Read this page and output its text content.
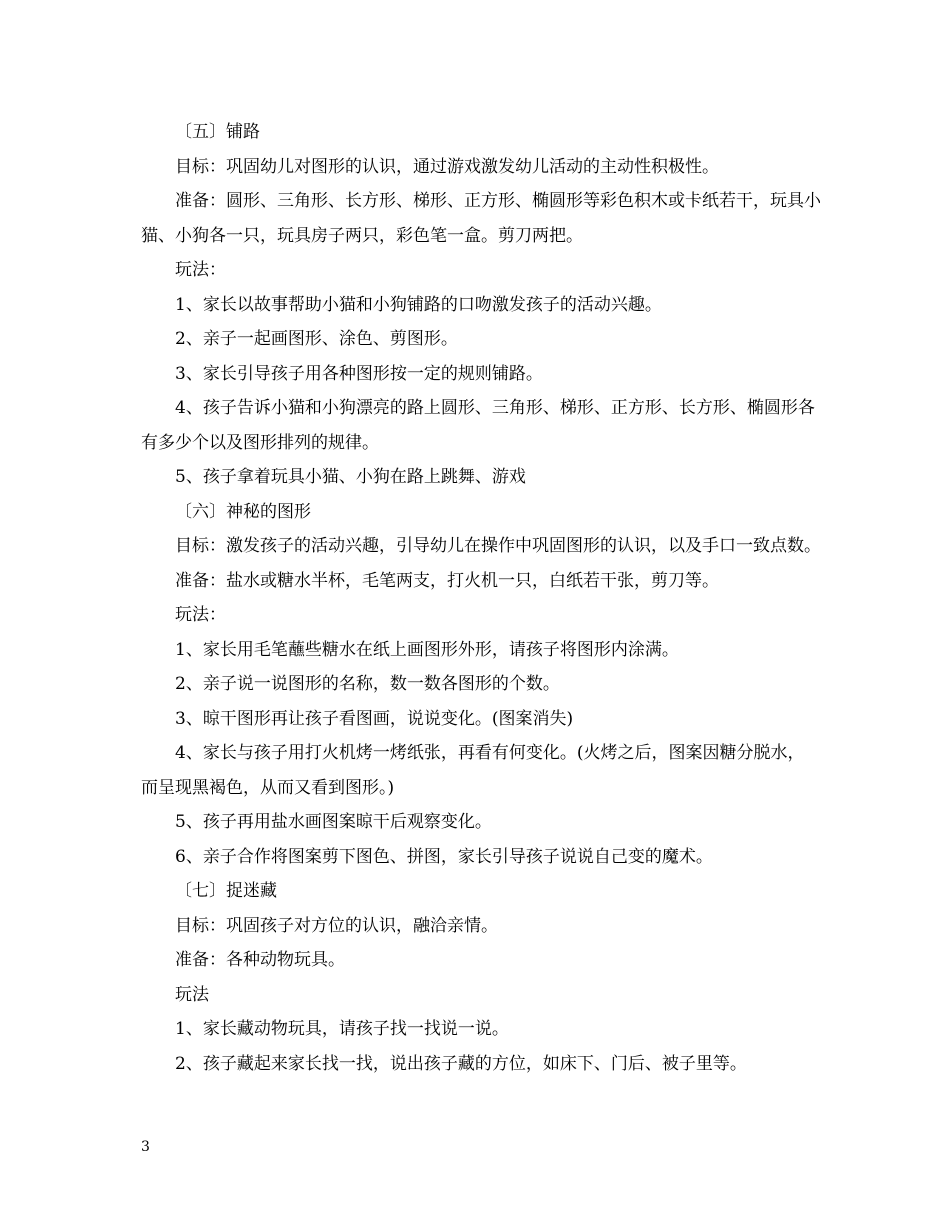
〔五〕铺路

目标：巩固幼儿对图形的认识，通过游戏激发幼儿活动的主动性积极性。

准备：圆形、三角形、长方形、梯形、正方形、椭圆形等彩色积木或卡纸若干，玩具小猫、小狗各一只，玩具房子两只，彩色笔一盒。剪刀两把。

玩法：

1、家长以故事帮助小猫和小狗铺路的口吻激发孩子的活动兴趣。

2、亲子一起画图形、涂色、剪图形。

3、家长引导孩子用各种图形按一定的规则铺路。

4、孩子告诉小猫和小狗漂亮的路上圆形、三角形、梯形、正方形、长方形、椭圆形各有多少个以及图形排列的规律。

5、孩子拿着玩具小猫、小狗在路上跳舞、游戏

〔六〕神秘的图形

目标：激发孩子的活动兴趣，引导幼儿在操作中巩固图形的认识，以及手口一致点数。

准备：盐水或糖水半杯，毛笔两支，打火机一只，白纸若干张，剪刀等。

玩法：

1、家长用毛笔蘸些糖水在纸上画图形外形，请孩子将图形内涂满。

2、亲子说一说图形的名称，数一数各图形的个数。

3、晾干图形再让孩子看图画，说说变化。(图案消失)

4、家长与孩子用打火机烤一烤纸张，再看有何变化。(火烤之后，图案因糖分脱水，而呈现黑褐色，从而又看到图形。)

5、孩子再用盐水画图案晾干后观察变化。

6、亲子合作将图案剪下图色、拼图，家长引导孩子说说自己变的魔术。

〔七〕捉迷藏

目标：巩固孩子对方位的认识，融洽亲情。

准备：各种动物玩具。

玩法

1、家长藏动物玩具，请孩子找一找说一说。

2、孩子藏起来家长找一找，说出孩子藏的方位，如床下、门后、被子里等。

3
